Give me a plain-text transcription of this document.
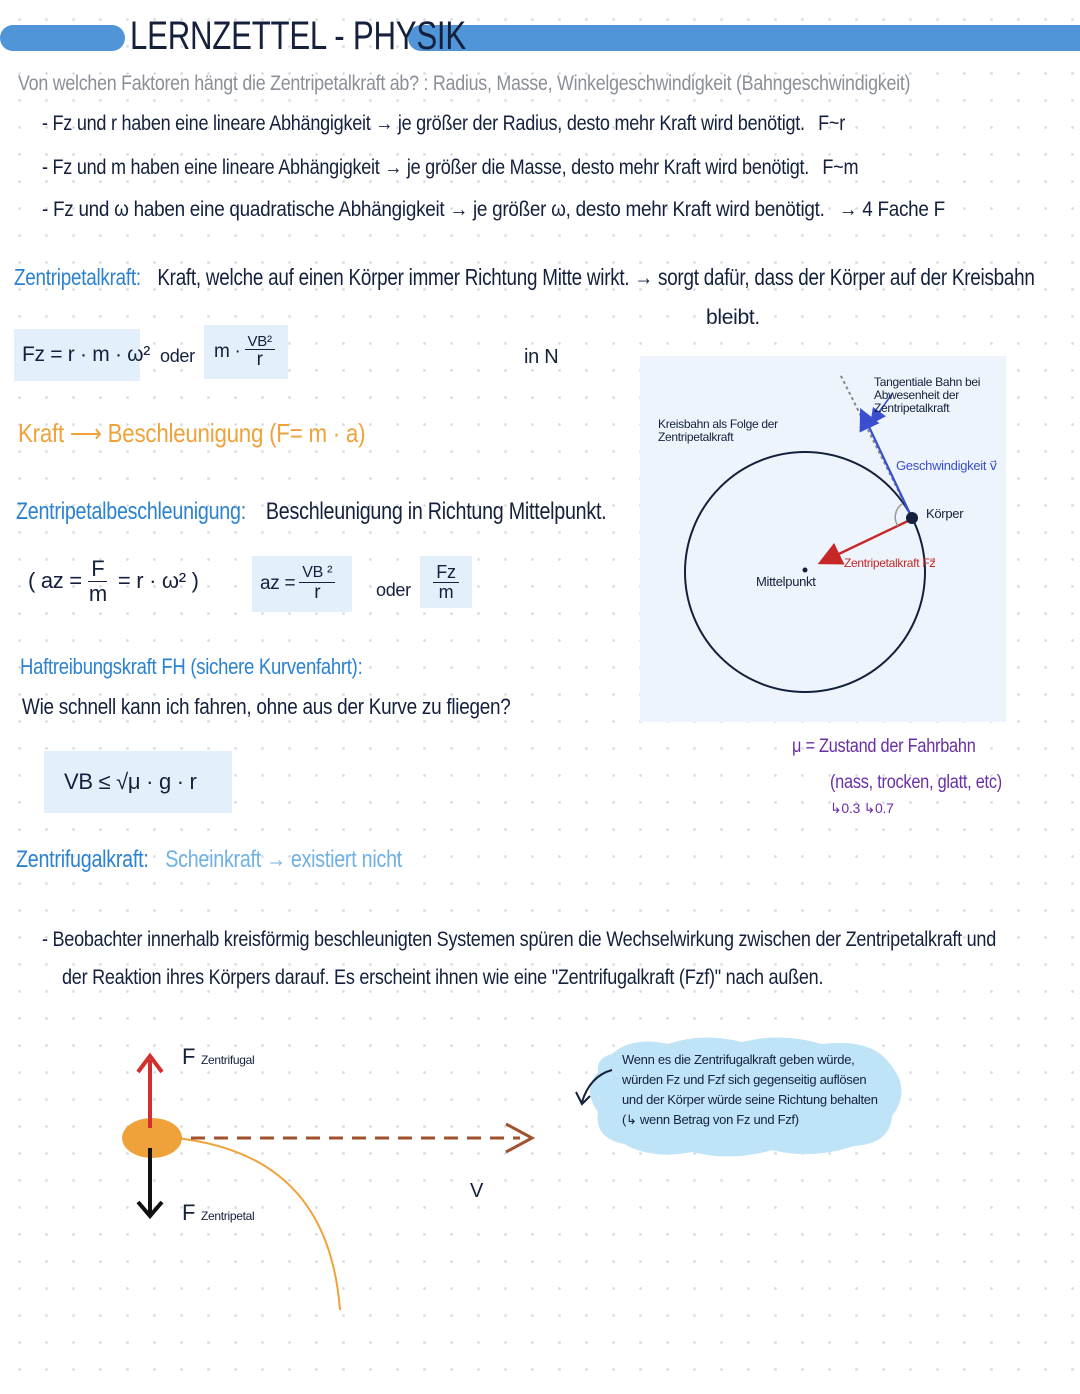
LERNZETTEL - PHYSIK
Von welchen Faktoren hängt die Zentripetalkraft ab? : Radius, Masse, Winkelgeschwindigkeit (Bahngeschwindigkeit)
- Fz und r haben eine lineare Abhängigkeit → je größer der Radius, desto mehr Kraft wird benötigt. F~r
- Fz und m haben eine lineare Abhängigkeit → je größer die Masse, desto mehr Kraft wird benötigt. F~m
- Fz und ω haben eine quadratische Abhängigkeit → je größer ω, desto mehr Kraft wird benötigt. → 4 Fache F
Zentripetalkraft: Kraft, welche auf einen Körper immer Richtung Mitte wirkt. → sorgt dafür, dass der Körper auf der Kreisbahn
bleibt.
Fz = r · m · ω² oder $m \cdot \frac{\text{VB²}}{r}$	in N
Kraft ⟶ Beschleunigung (F= m · a)
Zentripetalbeschleunigung: Beschleunigung in Richtung Mittelpunkt.
( az = $\frac{F}{m} = r \cdot \omega^2$ )	az = $\frac{\text{VB ²}}{r}$ oder $\frac{Fz}{m}$
Haftreibungskraft FH (sichere Kurvenfahrt):
Wie schnell kann ich fahren, ohne aus der Kurve zu fliegen?
VB ≤ √μ · g · r
μ = Zustand der Fahrbahn
(nass, trocken, glatt, etc)
↳0.3 ↳0.7
Tangentiale Bahn bei Abwesenheit der Zentripetalkraft
Kreisbahn als Folge der Zentripetalkraft
Geschwindigkeit v⃗
Körper
Zentripetalkraft Fz⃗
Mittelpunkt
Zentrifugalkraft: Scheinkraft → existiert nicht
- Beobachter innerhalb kreisförmig beschleunigten Systemen spüren die Wechselwirkung zwischen der Zentripetalkraft und
der Reaktion ihres Körpers darauf. Es erscheint ihnen wie eine "Zentrifugalkraft (Fzf)" nach außen.
F Zentrifugal
F Zentripetal
V
Wenn es die Zentrifugalkraft geben würde,
würden Fz und Fzf sich gegenseitig auflösen
und der Körper würde seine Richtung behalten
(↳ wenn Betrag von Fz und Fzf)
